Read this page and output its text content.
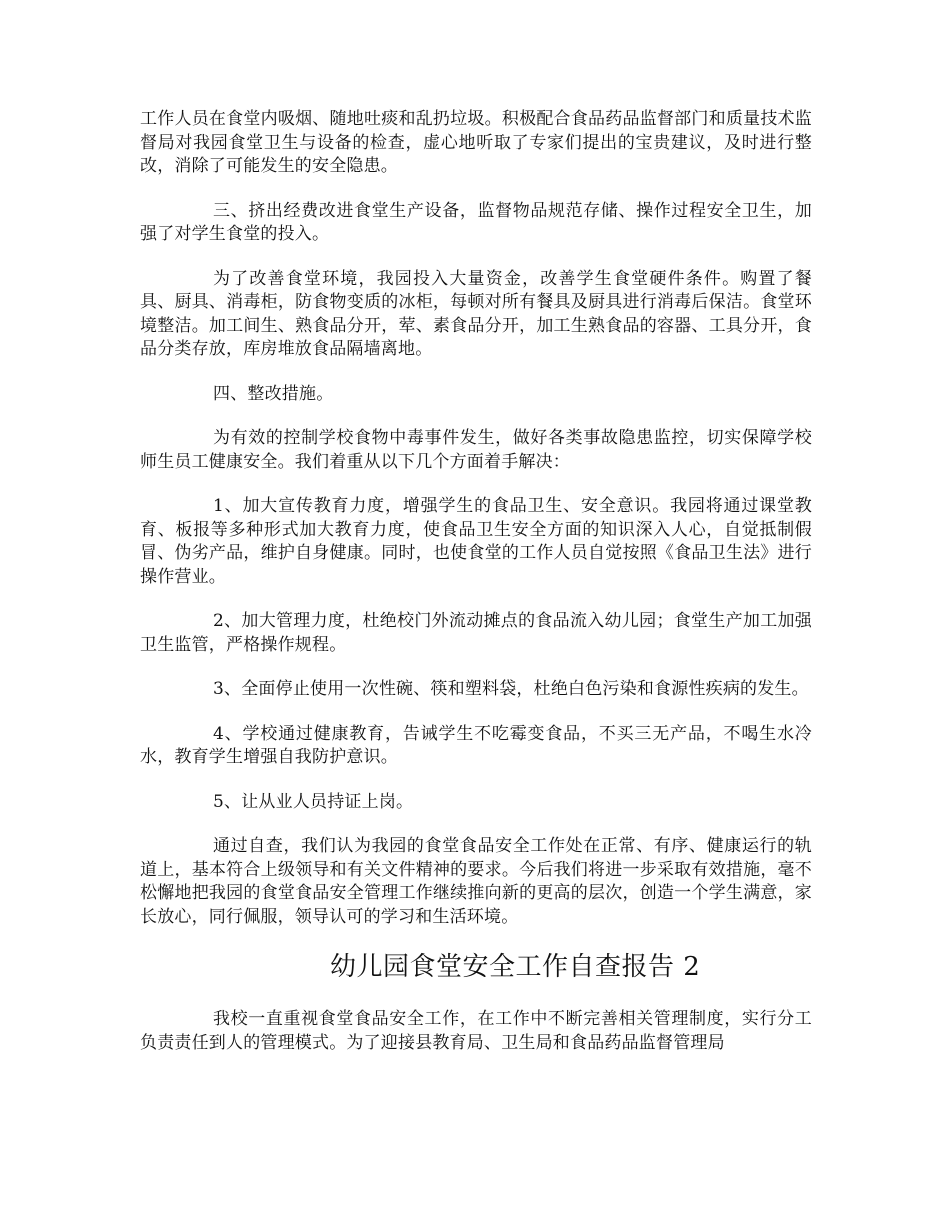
工作人员在食堂内吸烟、随地吐痰和乱扔垃圾。积极配合食品药品监督部门和质量技术监督局对我园食堂卫生与设备的检查，虚心地听取了专家们提出的宝贵建议，及时进行整改，消除了可能发生的安全隐患。

三、挤出经费改进食堂生产设备，监督物品规范存储、操作过程安全卫生，加强了对学生食堂的投入。

为了改善食堂环境，我园投入大量资金，改善学生食堂硬件条件。购置了餐具、厨具、消毒柜，防食物变质的冰柜，每顿对所有餐具及厨具进行消毒后保洁。食堂环境整洁。加工间生、熟食品分开，荤、素食品分开，加工生熟食品的容器、工具分开，食品分类存放，库房堆放食品隔墙离地。

四、整改措施。

为有效的控制学校食物中毒事件发生，做好各类事故隐患监控，切实保障学校师生员工健康安全。我们着重从以下几个方面着手解决：

1、加大宣传教育力度，增强学生的食品卫生、安全意识。我园将通过课堂教育、板报等多种形式加大教育力度，使食品卫生安全方面的知识深入人心，自觉抵制假冒、伪劣产品，维护自身健康。同时，也使食堂的工作人员自觉按照《食品卫生法》进行操作营业。

2、加大管理力度，杜绝校门外流动摊点的食品流入幼儿园；食堂生产加工加强卫生监管，严格操作规程。

3、全面停止使用一次性碗、筷和塑料袋，杜绝白色污染和食源性疾病的发生。

4、学校通过健康教育，告诫学生不吃霉变食品，不买三无产品，不喝生水冷水，教育学生增强自我防护意识。

5、让从业人员持证上岗。

通过自查，我们认为我园的食堂食品安全工作处在正常、有序、健康运行的轨道上，基本符合上级领导和有关文件精神的要求。今后我们将进一步采取有效措施，毫不松懈地把我园的食堂食品安全管理工作继续推向新的更高的层次，创造一个学生满意，家长放心，同行佩服，领导认可的学习和生活环境。

幼儿园食堂安全工作自查报告 2

我校一直重视食堂食品安全工作，在工作中不断完善相关管理制度，实行分工负责责任到人的管理模式。为了迎接县教育局、卫生局和食品药品监督管理局
